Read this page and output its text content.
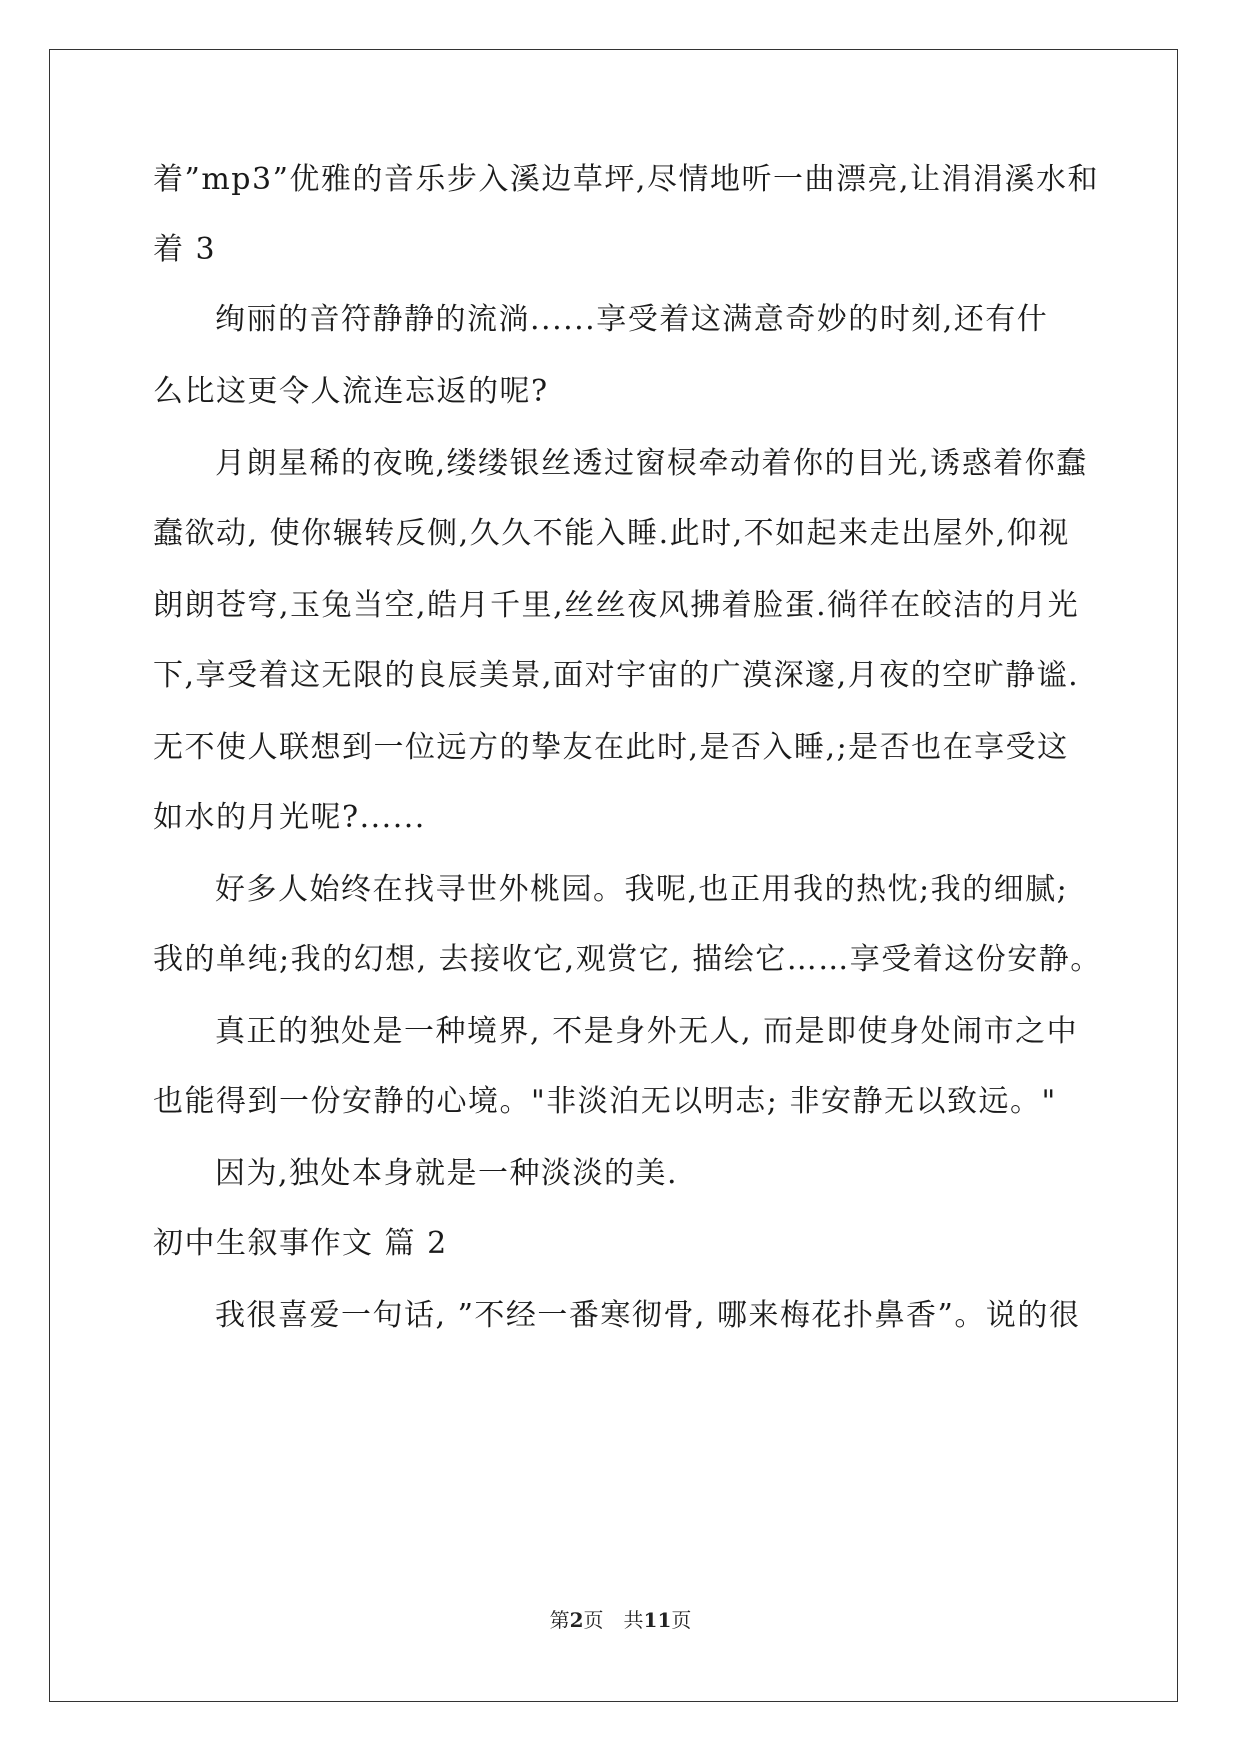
着”mp3”优雅的音乐步入溪边草坪,尽情地听一曲漂亮,让涓涓溪水和
着 3
绚丽的音符静静的流淌......享受着这满意奇妙的时刻,还有什
么比这更令人流连忘返的呢?
月朗星稀的夜晚,缕缕银丝透过窗棂牵动着你的目光,诱惑着你蠢
蠢欲动, 使你辗转反侧,久久不能入睡.此时,不如起来走出屋外,仰视
朗朗苍穹,玉兔当空,皓月千里,丝丝夜风拂着脸蛋.徜徉在皎洁的月光
下,享受着这无限的良辰美景,面对宇宙的广漠深邃,月夜的空旷静谧.
无不使人联想到一位远方的挚友在此时,是否入睡,;是否也在享受这
如水的月光呢?......
好多人始终在找寻世外桃园。我呢,也正用我的热忱;我的细腻;
我的单纯;我的幻想, 去接收它,观赏它, 描绘它……享受着这份安静。
真正的独处是一种境界, 不是身外无人, 而是即使身处闹市之中
也能得到一份安静的心境。"非淡泊无以明志; 非安静无以致远。"
因为,独处本身就是一种淡淡的美.
初中生叙事作文 篇 2
我很喜爱一句话, ”不经一番寒彻骨, 哪来梅花扑鼻香”。说的很
第2页　共11页
